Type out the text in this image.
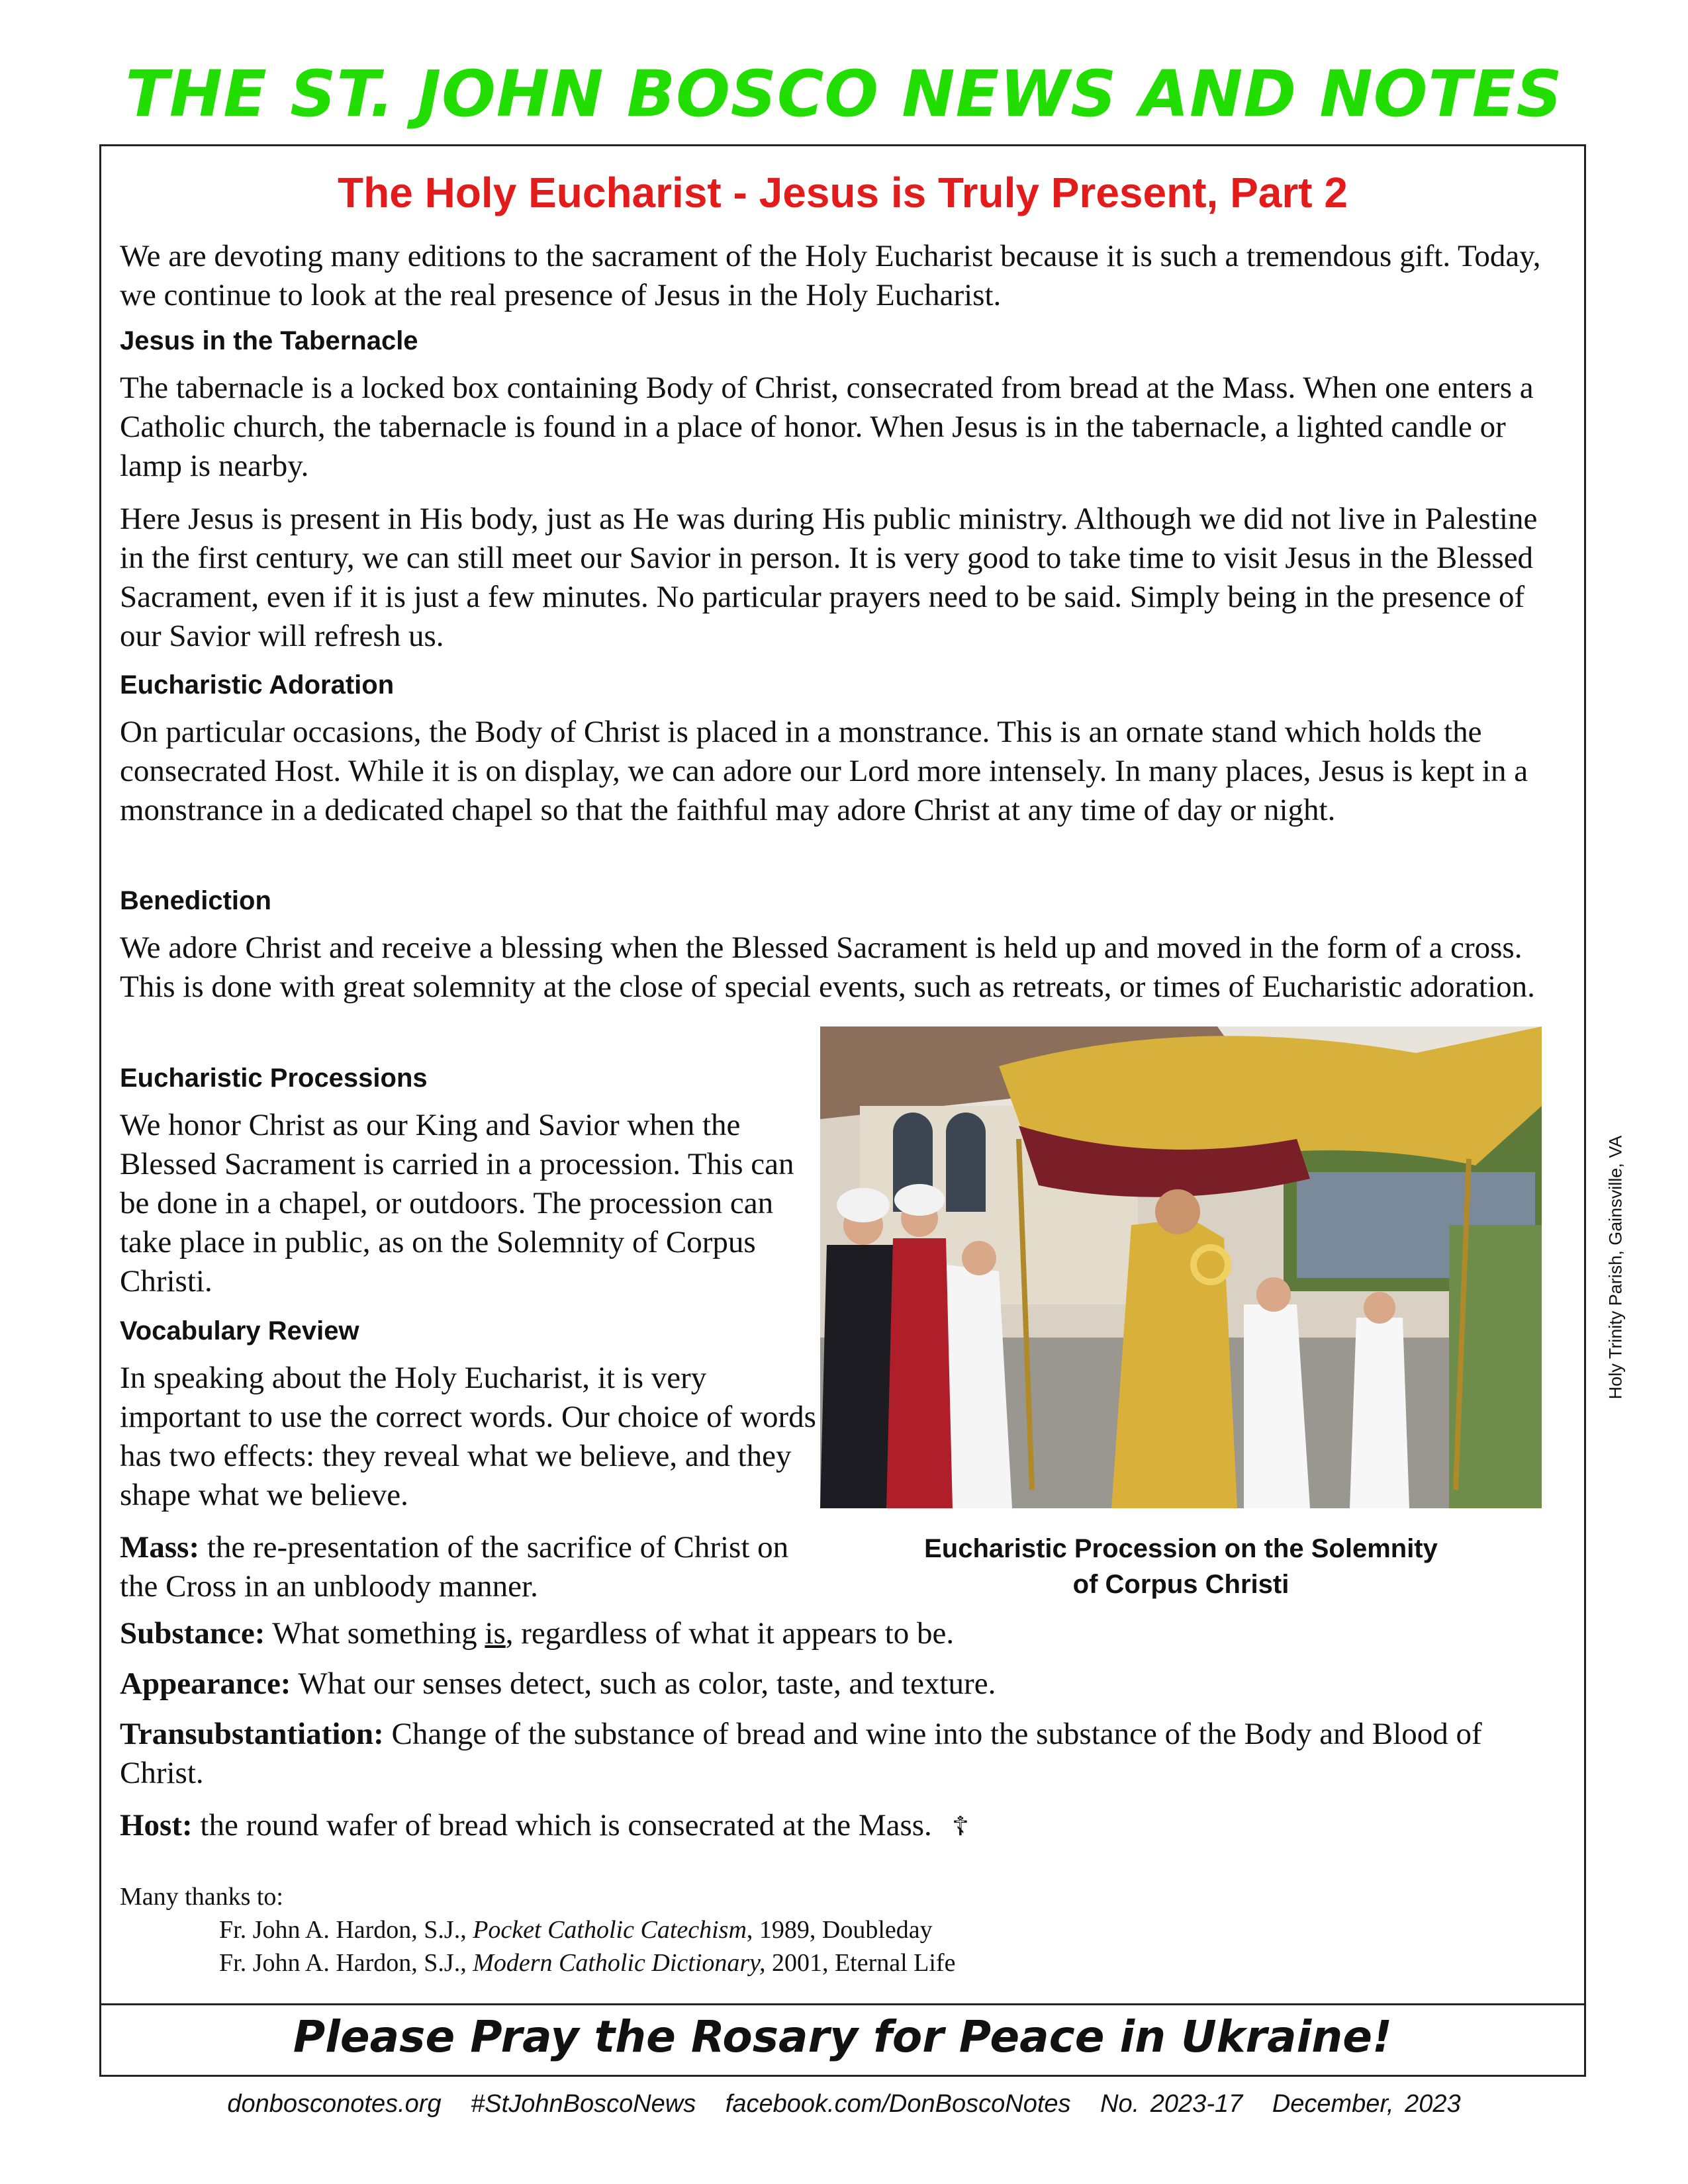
THE ST. JOHN BOSCO NEWS AND NOTES
The Holy Eucharist - Jesus is Truly Present, Part 2

We are devoting many editions to the sacrament of the Holy Eucharist because it is such a tremendous gift. Today, we continue to look at the real presence of Jesus in the Holy Eucharist.

Jesus in the Tabernacle

The tabernacle is a locked box containing Body of Christ, consecrated from bread at the Mass. When one enters a Catholic church, the tabernacle is found in a place of honor. When Jesus is in the tabernacle, a lighted candle or lamp is nearby.

Here Jesus is present in His body, just as He was during His public ministry. Although we did not live in Palestine in the first century, we can still meet our Savior in person. It is very good to take time to visit Jesus in the Blessed Sacrament, even if it is just a few minutes. No particular prayers need to be said. Simply being in the presence of our Savior will refresh us.

Eucharistic Adoration

On particular occasions, the Body of Christ is placed in a monstrance. This is an ornate stand which holds the consecrated Host. While it is on display, we can adore our Lord more intensely. In many places, Jesus is kept in a monstrance in a dedicated chapel so that the faithful may adore Christ at any time of day or night.

Benediction

We adore Christ and receive a blessing when the Blessed Sacrament is held up and moved in the form of a cross. This is done with great solemnity at the close of special events, such as retreats, or times of Eucharistic adoration.

Eucharistic Processions

We honor Christ as our King and Savior when the Blessed Sacrament is carried in a procession. This can be done in a chapel, or outdoors. The procession can take place in public, as on the Solemnity of Corpus Christi.

Vocabulary Review

In speaking about the Holy Eucharist, it is very important to use the correct words. Our choice of words has two effects: they reveal what we believe, and they shape what we believe.

Mass: the re-presentation of the sacrifice of Christ on the Cross in an unbloody manner.

Holy Trinity Parish, Gainsville, VA
Eucharistic Procession on the Solemnity
of Corpus Christi

Substance: What something is, regardless of what it appears to be.

Appearance: What our senses detect, such as color, taste, and texture.

Transubstantiation: Change of the substance of bread and wine into the substance of the Body and Blood of Christ.

Host: the round wafer of bread which is consecrated at the Mass. ☦

Many thanks to:
Fr. John A. Hardon, S.J., Pocket Catholic Catechism, 1989, Doubleday
Fr. John A. Hardon, S.J., Modern Catholic Dictionary, 2001, Eternal Life
Please Pray the Rosary for Peace in Ukraine!
donbosconotes.org #StJohnBoscoNews facebook.com/DonBoscoNotes No. 2023-17 December, 2023
